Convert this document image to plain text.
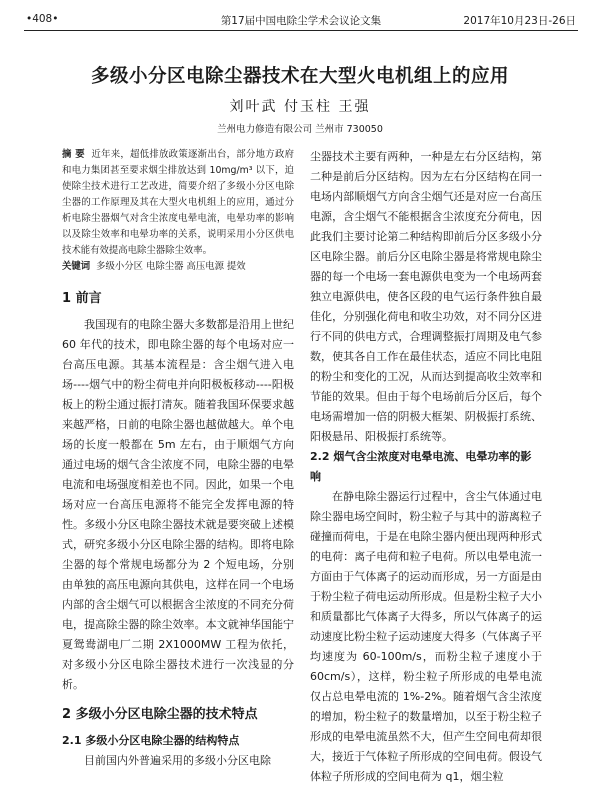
•408•	第17届中国电除尘学术会议论文集	2017年10月23日-26日
多级小分区电除尘器技术在大型火电机组上的应用
刘叶武 付玉柱 王强
兰州电力修造有限公司 兰州市 730050

摘 要 近年来，超低排放政策逐渐出台，部分地方政府和电力集团甚至要求烟尘排放达到 10mg/m³ 以下，迫使除尘技术进行工艺改进，简要介绍了多级小分区电除尘器的工作原理及其在大型火电机组上的应用，通过分析电除尘器烟气对含尘浓度电晕电流，电晕功率的影响以及除尘效率和电晕功率的关系，说明采用小分区供电技术能有效提高电除尘器除尘效率。

关键词 多级小分区 电除尘器 高压电源 提效

1 前言

我国现有的电除尘器大多数都是沿用上世纪 60 年代的技术，即电除尘器的每个电场对应一台高压电源。其基本流程是：含尘烟气进入电场----烟气中的粉尘荷电并向阳极板移动----阳极板上的粉尘通过振打清灰。随着我国环保要求越来越严格，日前的电除尘器也越做越大。单个电场的长度一般都在 5m 左右，由于顺烟气方向通过电场的烟气含尘浓度不同，电除尘器的电晕电流和电场强度相差也不同。因此，如果一个电场对应一台高压电源将不能完全发挥电源的特性。多级小分区电除尘器技术就是要突破上述模式，研究多级小分区电除尘器的结构。即将电除尘器的每个常规电场都分为 2 个短电场，分别由单独的高压电源向其供电，这样在同一个电场内部的含尘烟气可以根据含尘浓度的不同充分荷电，提高除尘器的除尘效率。本文就神华国能宁夏鸳鸯湖电厂二期 2X1000MW 工程为依托，对多级小分区电除尘器技术进行一次浅显的分析。

2 多级小分区电除尘器的技术特点

2.1 多级小分区电除尘器的结构特点

目前国内外普遍采用的多级小分区电除

尘器技术主要有两种，一种是左右分区结构，第二种是前后分区结构。因为左右分区结构在同一电场内部顺烟气方向含尘烟气还是对应一台高压电源，含尘烟气不能根据含尘浓度充分荷电，因此我们主要讨论第二种结构即前后分区多级小分区电除尘器。前后分区电除尘器是将常规电除尘器的每一个电场一套电源供电变为一个电场两套独立电源供电，使各区段的电气运行条件独自最佳化，分别强化荷电和收尘功效，对不同分区进行不同的供电方式，合理调整振打周期及电气参数，使其各自工作在最佳状态，适应不同比电阻的粉尘和变化的工况，从而达到提高收尘效率和节能的效果。但由于每个电场前后分区后，每个电场需增加一倍的阴极大框架、阴极振打系统、阳极悬吊、阳极振打系统等。

2.2 烟气含尘浓度对电晕电流、电晕功率的影响

在静电除尘器运行过程中，含尘气体通过电除尘器电场空间时，粉尘粒子与其中的游离粒子碰撞而荷电，于是在电除尘器内便出现两种形式的电荷：离子电荷和粒子电荷。所以电晕电流一方面由于气体离子的运动而形成，另一方面是由于粉尘粒子荷电运动所形成。但是粉尘粒子大小和质量都比气体离子大得多，所以气体离子的运动速度比粉尘粒子运动速度大得多（气体离子平均速度为 60-100m/s，而粉尘粒子速度小于 60cm/s），这样，粉尘粒子所形成的电晕电流仅占总电晕电流的 1%-2%。随着烟气含尘浓度的增加，粉尘粒子的数量增加，以至于粉尘粒子形成的电晕电流虽然不大，但产生空间电荷却很大，接近于气体粒子所形成的空间电荷。假设气体粒子所形成的空间电荷为 q1，烟尘粒
